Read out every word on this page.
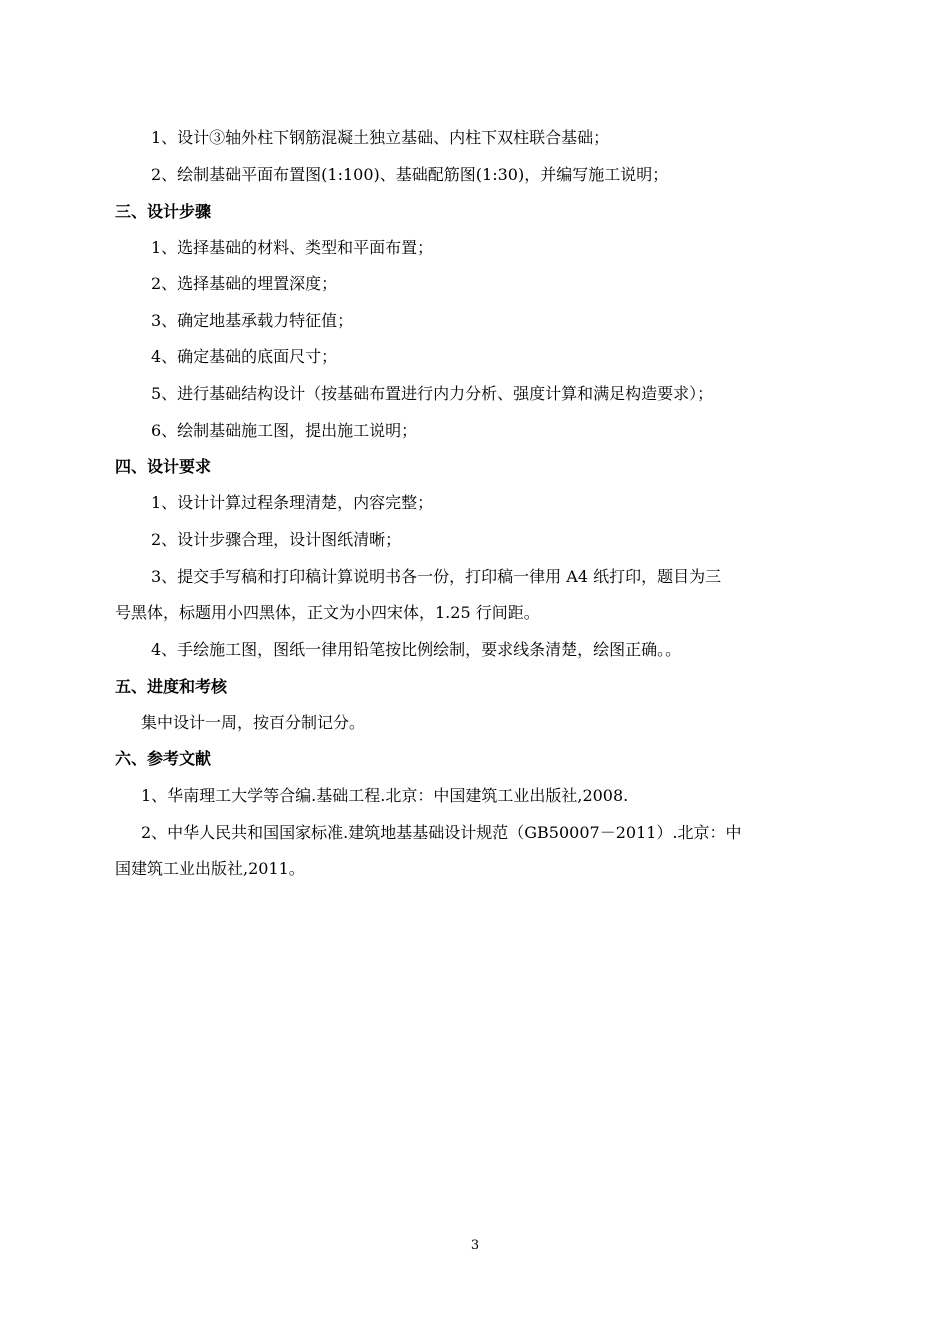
1、设计③轴外柱下钢筋混凝土独立基础、内柱下双柱联合基础；
2、绘制基础平面布置图(1:100)、基础配筋图(1:30)，并编写施工说明；
三、设计步骤
1、选择基础的材料、类型和平面布置；
2、选择基础的埋置深度；
3、确定地基承载力特征值；
4、确定基础的底面尺寸；
5、进行基础结构设计（按基础布置进行内力分析、强度计算和满足构造要求）；
6、绘制基础施工图，提出施工说明；
四、设计要求
1、设计计算过程条理清楚，内容完整；
2、设计步骤合理，设计图纸清晰；
3、提交手写稿和打印稿计算说明书各一份，打印稿一律用 A4 纸打印，题目为三
号黑体，标题用小四黑体，正文为小四宋体，1.25 行间距。
4、手绘施工图，图纸一律用铅笔按比例绘制，要求线条清楚，绘图正确。。
五、进度和考核
集中设计一周，按百分制记分。
六、参考文献
1、华南理工大学等合编.基础工程.北京：中国建筑工业出版社,2008.
2、中华人民共和国国家标准.建筑地基基础设计规范（GB50007－2011）.北京：中
国建筑工业出版社,2011。
3
